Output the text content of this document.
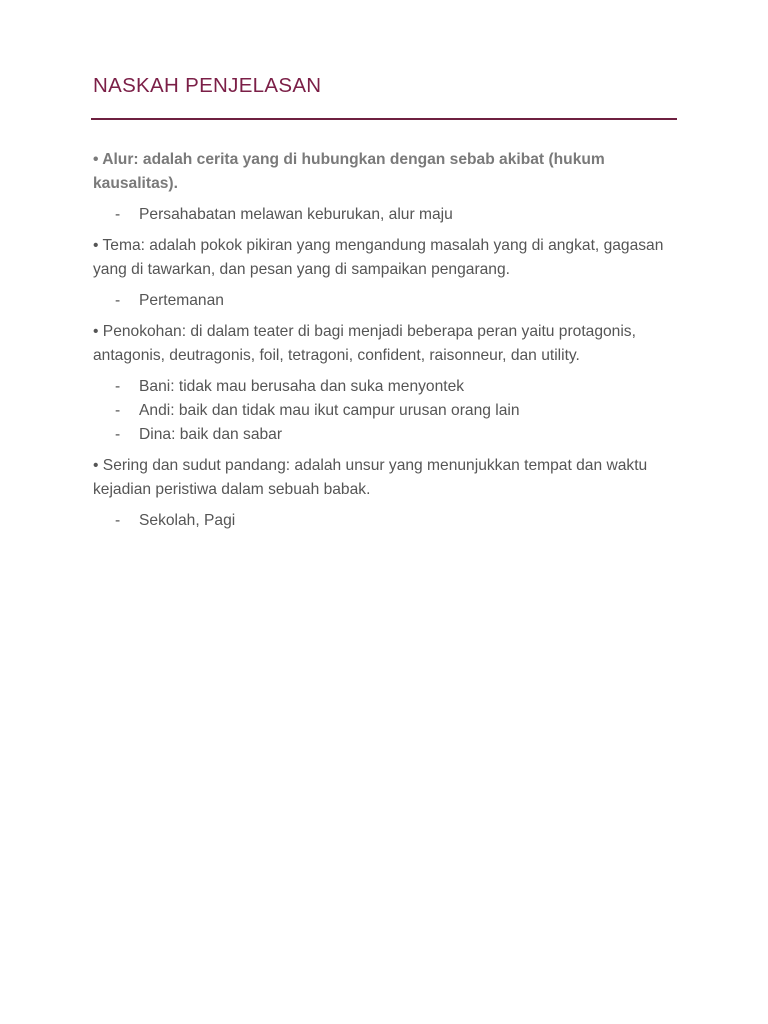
NASKAH PENJELASAN

• Alur: adalah cerita yang di hubungkan dengan sebab akibat (hukum kausalitas).

- Persahabatan melawan keburukan, alur maju

• Tema: adalah pokok pikiran yang mengandung masalah yang di angkat, gagasan yang di tawarkan, dan pesan yang di sampaikan pengarang.

- Pertemanan

• Penokohan: di dalam teater di bagi menjadi beberapa peran yaitu protagonis, antagonis, deutragonis, foil, tetragoni, confident, raisonneur, dan utility.

- Bani: tidak mau berusaha dan suka menyontek
- Andi: baik dan tidak mau ikut campur urusan orang lain
- Dina: baik dan sabar

• Sering dan sudut pandang: adalah unsur yang menunjukkan tempat dan waktu kejadian peristiwa dalam sebuah babak.

- Sekolah, Pagi
